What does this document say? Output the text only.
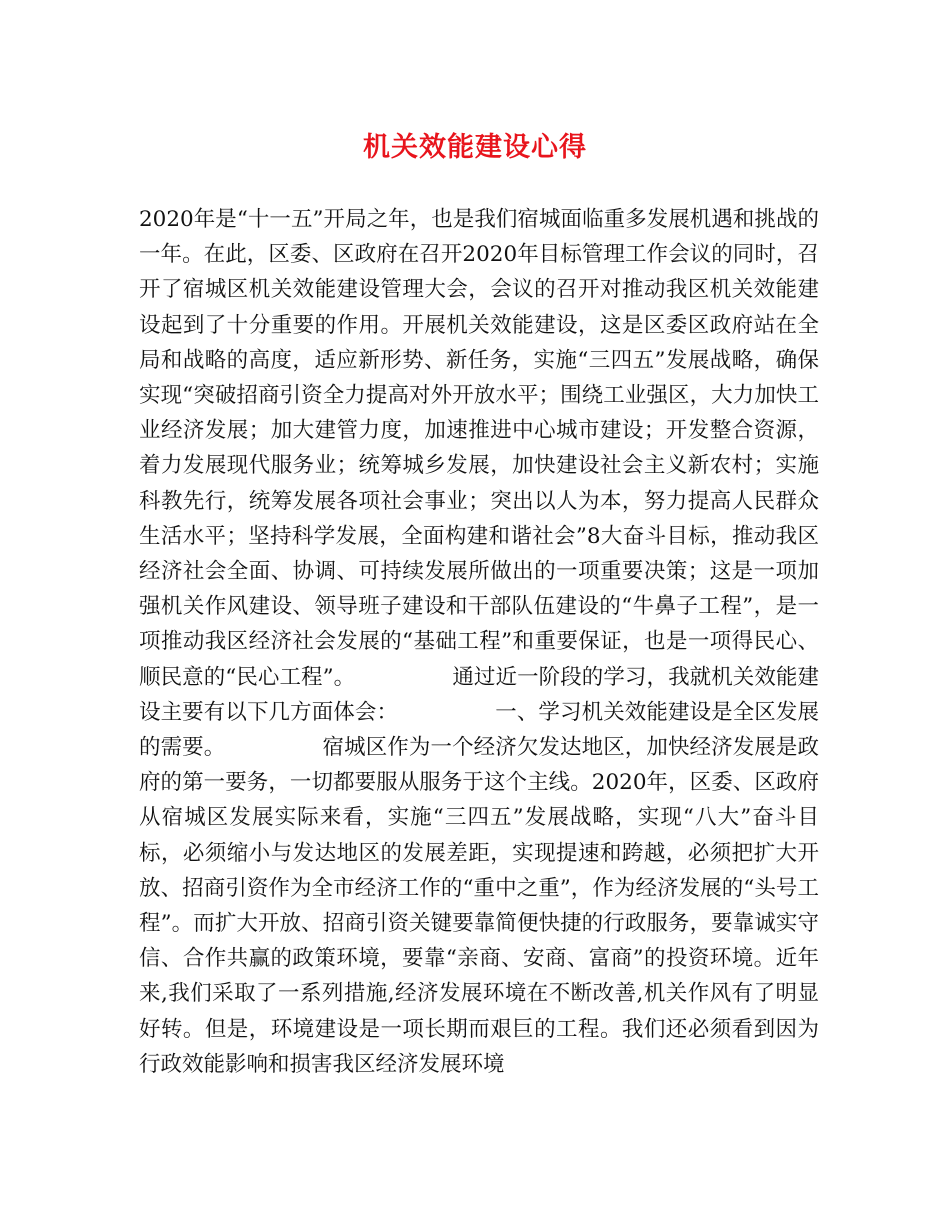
机关效能建设心得

2020年是“十一五”开局之年，也是我们宿城面临重多发展机遇和挑战的一年。在此，区委、区政府在召开2020年目标管理工作会议的同时，召开了宿城区机关效能建设管理大会，会议的召开对推动我区机关效能建设起到了十分重要的作用。开展机关效能建设，这是区委区政府站在全局和战略的高度，适应新形势、新任务，实施“三四五”发展战略，确保实现“突破招商引资全力提高对外开放水平；围绕工业强区，大力加快工业经济发展；加大建管力度，加速推进中心城市建设；开发整合资源，着力发展现代服务业；统筹城乡发展，加快建设社会主义新农村；实施科教先行，统筹发展各项社会事业；突出以人为本，努力提高人民群众生活水平；坚持科学发展，全面构建和谐社会”8大奋斗目标，推动我区经济社会全面、协调、可持续发展所做出的一项重要决策；这是一项加强机关作风建设、领导班子建设和干部队伍建设的“牛鼻子工程”，是一项推动我区经济社会发展的“基础工程”和重要保证，也是一项得民心、顺民意的“民心工程”。　　　　　通过近一阶段的学习，我就机关效能建设主要有以下几方面体会：　　　　　一、学习机关效能建设是全区发展的需要。　　　　　宿城区作为一个经济欠发达地区，加快经济发展是政府的第一要务，一切都要服从服务于这个主线。2020年，区委、区政府从宿城区发展实际来看，实施“三四五”发展战略，实现“八大”奋斗目标，必须缩小与发达地区的发展差距，实现提速和跨越，必须把扩大开放、招商引资作为全市经济工作的“重中之重”，作为经济发展的“头号工程”。而扩大开放、招商引资关键要靠简便快捷的行政服务，要靠诚实守信、合作共赢的政策环境，要靠“亲商、安商、富商”的投资环境。近年来,我们采取了一系列措施,经济发展环境在不断改善,机关作风有了明显好转。但是，环境建设是一项长期而艰巨的工程。我们还必须看到因为行政效能影响和损害我区经济发展环境
